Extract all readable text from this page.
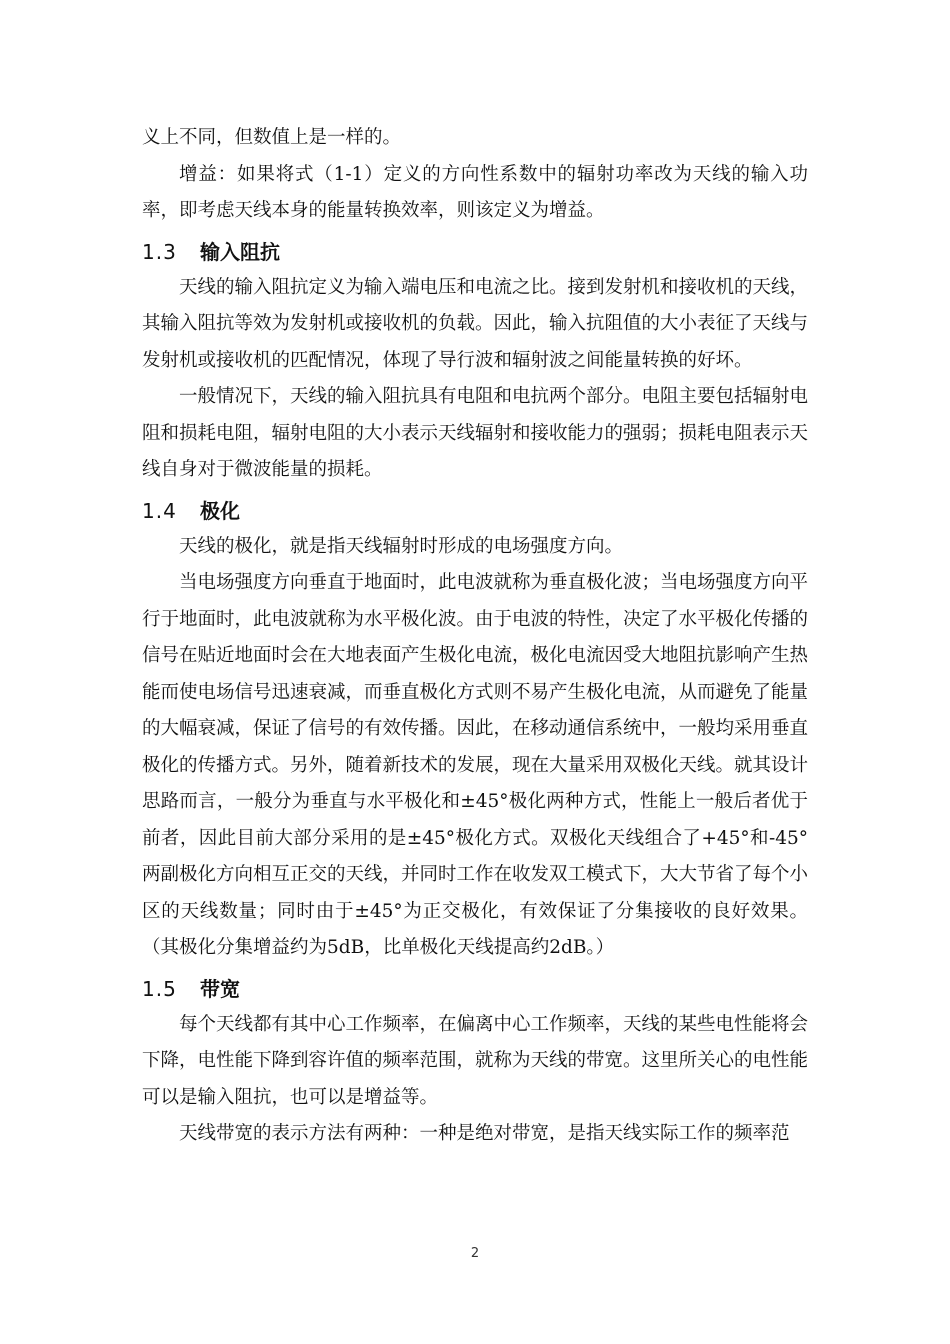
义上不同，但数值上是一样的。

增益：如果将式（1-1）定义的方向性系数中的辐射功率改为天线的输入功率，即考虑天线本身的能量转换效率，则该定义为增益。

1.3 输入阻抗

天线的输入阻抗定义为输入端电压和电流之比。接到发射机和接收机的天线，其输入阻抗等效为发射机或接收机的负载。因此，输入抗阻值的大小表征了天线与发射机或接收机的匹配情况，体现了导行波和辐射波之间能量转换的好坏。

一般情况下，天线的输入阻抗具有电阻和电抗两个部分。电阻主要包括辐射电阻和损耗电阻，辐射电阻的大小表示天线辐射和接收能力的强弱；损耗电阻表示天线自身对于微波能量的损耗。

1.4 极化

天线的极化，就是指天线辐射时形成的电场强度方向。

当电场强度方向垂直于地面时，此电波就称为垂直极化波；当电场强度方向平行于地面时，此电波就称为水平极化波。由于电波的特性，决定了水平极化传播的信号在贴近地面时会在大地表面产生极化电流，极化电流因受大地阻抗影响产生热能而使电场信号迅速衰减，而垂直极化方式则不易产生极化电流，从而避免了能量的大幅衰减，保证了信号的有效传播。因此，在移动通信系统中，一般均采用垂直极化的传播方式。另外，随着新技术的发展，现在大量采用双极化天线。就其设计思路而言，一般分为垂直与水平极化和±45°极化两种方式，性能上一般后者优于前者，因此目前大部分采用的是±45°极化方式。双极化天线组合了+45°和-45°两副极化方向相互正交的天线，并同时工作在收发双工模式下，大大节省了每个小区的天线数量；同时由于±45°为正交极化，有效保证了分集接收的良好效果。（其极化分集增益约为5dB，比单极化天线提高约2dB。）

1.5 带宽

每个天线都有其中心工作频率，在偏离中心工作频率，天线的某些电性能将会下降，电性能下降到容许值的频率范围，就称为天线的带宽。这里所关心的电性能可以是输入阻抗，也可以是增益等。

天线带宽的表示方法有两种：一种是绝对带宽，是指天线实际工作的频率范

2
